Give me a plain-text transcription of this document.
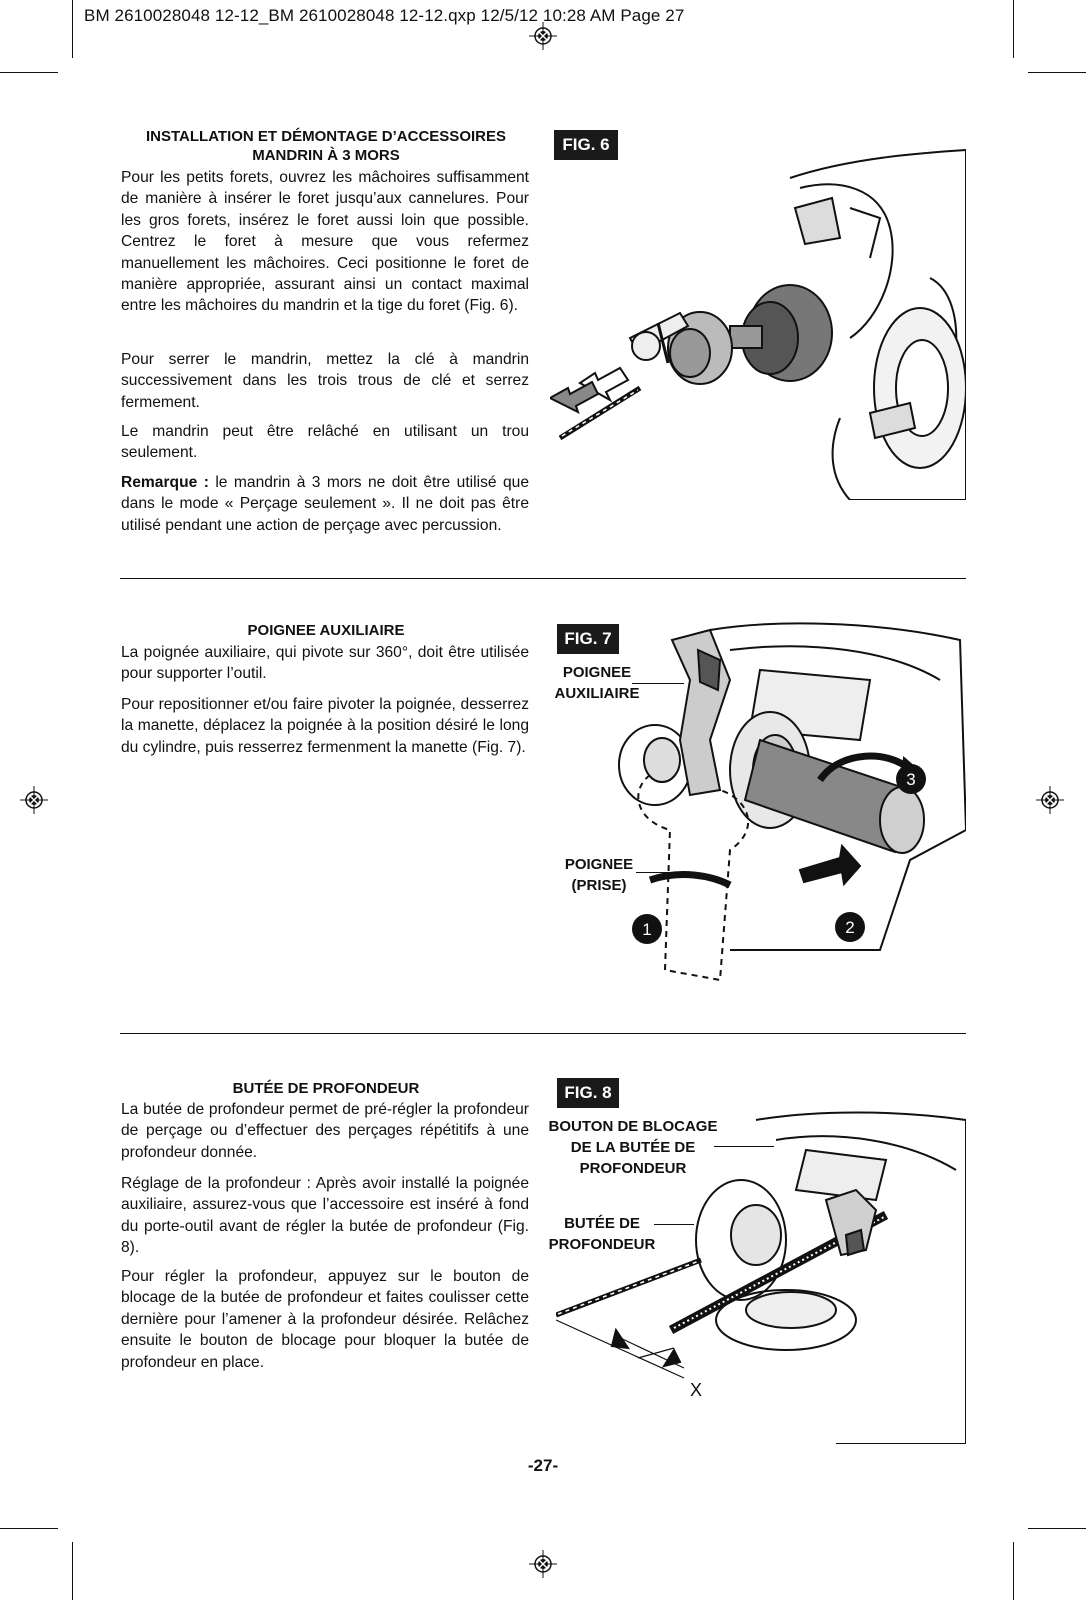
BM 2610028048 12-12_BM 2610028048 12-12.qxp 12/5/12 10:28 AM Page 27
INSTALLATION ET DÉMONTAGE D’ACCESSOIRES
MANDRIN À 3 MORS
Pour les petits forets, ouvrez les mâchoires suffisamment de manière à insérer le foret jusqu’aux cannelures. Pour les gros forets, insérez le foret aussi loin que possible. Centrez le foret à mesure que vous refermez manuellement les mâchoires. Ceci positionne le foret de manière appropriée, assurant ainsi un contact maximal entre les mâchoires du mandrin et la tige du foret (Fig. 6).
Pour serrer le mandrin, mettez la clé à mandrin successivement dans les trois trous de clé et serrez fermement.
Le mandrin peut être relâché en utilisant un trou seulement.
Remarque : le mandrin à 3 mors ne doit être utilisé que dans le mode « Perçage seulement ». Il ne doit pas être utilisé pendant une action de perçage avec percussion.
FIG. 6
POIGNEE AUXILIAIRE
La poignée auxiliaire, qui pivote sur 360°, doit être utilisée pour supporter l’outil.
Pour repositionner et/ou faire pivoter la poignée, desserrez la manette, déplacez la poignée à la position désiré le long du cylindre, puis resserrez fermenment la manette (Fig. 7).
FIG. 7
POIGNEE
AUXILIAIRE
POIGNEE
(PRISE)
1	2
3
BUTÉE DE PROFONDEUR
La butée de profondeur permet de pré-régler la profondeur de perçage ou d’effectuer des perçages répétitifs à une profondeur donnée.
Réglage de la profondeur : Après avoir installé la poignée auxiliaire, assurez-vous que l’accessoire est inséré à fond du porte-outil avant de régler la butée de profondeur (Fig. 8).
Pour régler la profondeur, appuyez sur le bouton de blocage de la butée de profondeur et faites coulisser cette dernière pour l’amener à la profondeur désirée. Relâchez ensuite le bouton de blocage pour bloquer la butée de profondeur en place.
FIG. 8
BOUTON DE BLOCAGE
DE LA BUTÉE DE
PROFONDEUR
BUTÉE DE
PROFONDEUR
X
-27-
